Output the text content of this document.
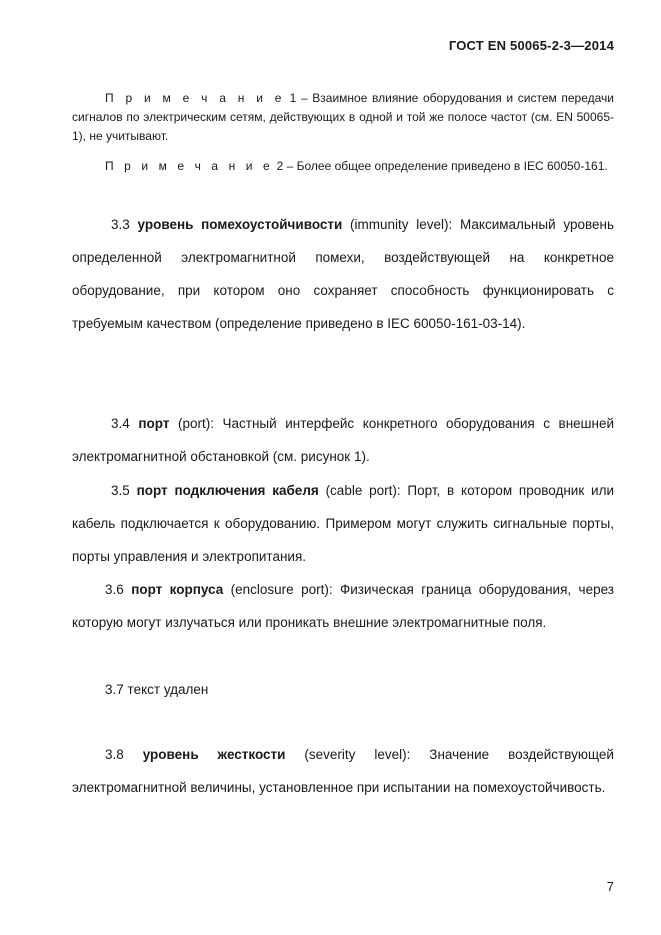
ГОСТ EN 50065-2-3—2014

П р и м е ч а н и е 1 – Взаимное влияние оборудования и систем передачи сигналов по электрическим сетям, действующих в одной и той же полосе частот (см. EN 50065-1), не учитывают.

П р и м е ч а н и е 2 – Более общее определение приведено в IEC 60050-161.

3.3 уровень помехоустойчивости (immunity level): Максимальный уровень определенной электромагнитной помехи, воздействующей на конкретное оборудование, при котором оно сохраняет способность функционировать с требуемым качеством (определение приведено в IEC 60050-161-03-14).

3.4 порт (port): Частный интерфейс конкретного оборудования с внешней электромагнитной обстановкой (см. рисунок 1).

3.5 порт подключения кабеля (cable port): Порт, в котором проводник или кабель подключается к оборудованию. Примером могут служить сигнальные порты, порты управления и электропитания.

3.6 порт корпуса (enclosure port): Физическая граница оборудования, через которую могут излучаться или проникать внешние электромагнитные поля.

3.7 текст удален

3.8 уровень жесткости (severity level): Значение воздействующей электромагнитной величины, установленное при испытании на помехоустойчивость.

7
